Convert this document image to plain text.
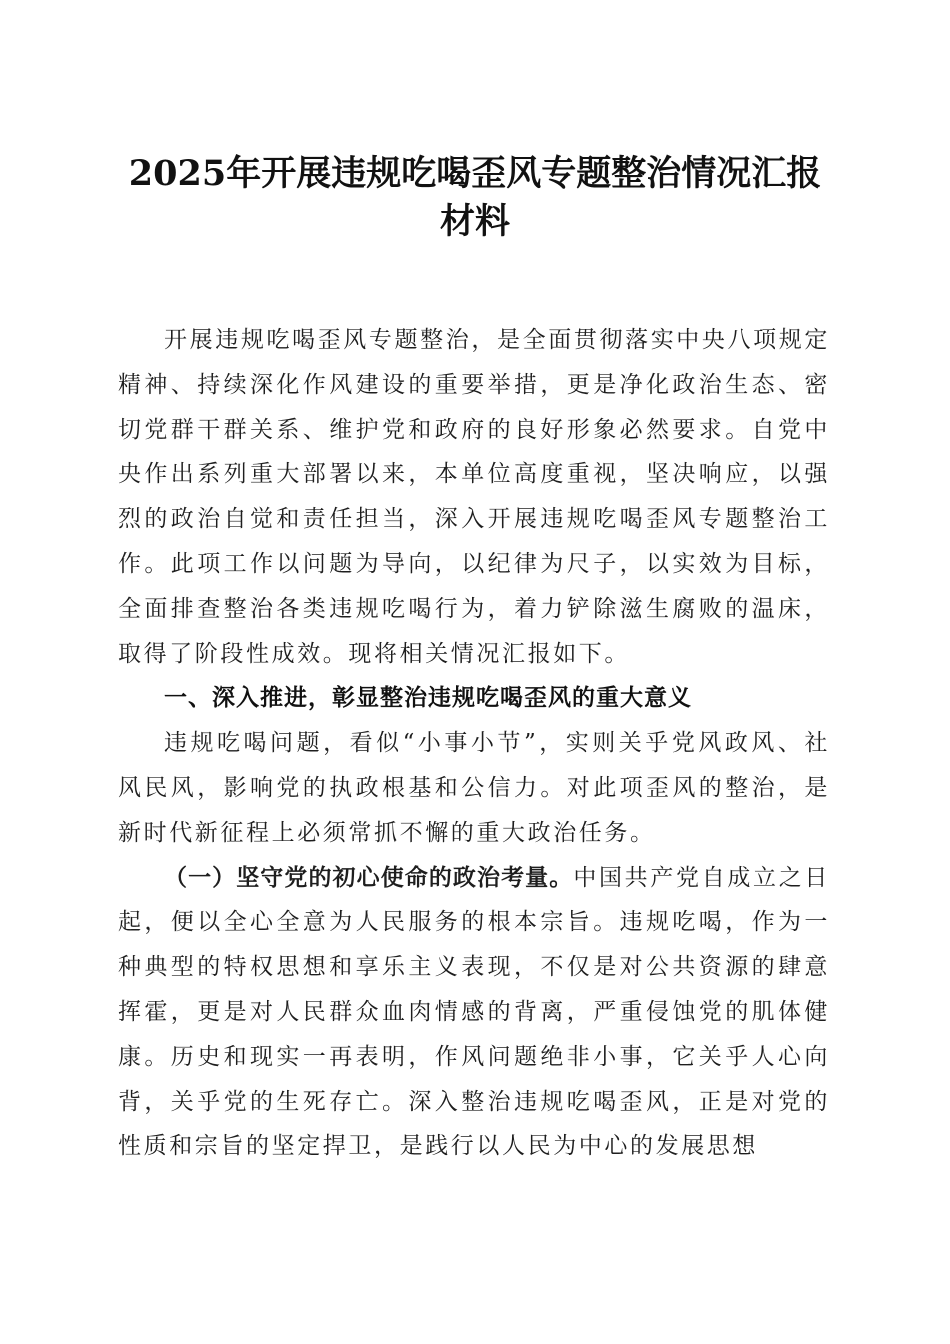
2025年开展违规吃喝歪风专题整治情况汇报
材料

开展违规吃喝歪风专题整治，是全面贯彻落实中央八项规定精神、持续深化作风建设的重要举措，更是净化政治生态、密切党群干群关系、维护党和政府的良好形象必然要求。自党中央作出系列重大部署以来，本单位高度重视，坚决响应，以强烈的政治自觉和责任担当，深入开展违规吃喝歪风专题整治工作。此项工作以问题为导向，以纪律为尺子，以实效为目标，全面排查整治各类违规吃喝行为，着力铲除滋生腐败的温床，取得了阶段性成效。现将相关情况汇报如下。

一、深入推进，彰显整治违规吃喝歪风的重大意义

违规吃喝问题，看似“小事小节”，实则关乎党风政风、社风民风，影响党的执政根基和公信力。对此项歪风的整治，是新时代新征程上必须常抓不懈的重大政治任务。

（一）坚守党的初心使命的政治考量。中国共产党自成立之日起，便以全心全意为人民服务的根本宗旨。违规吃喝，作为一种典型的特权思想和享乐主义表现，不仅是对公共资源的肆意挥霍，更是对人民群众血肉情感的背离，严重侵蚀党的肌体健康。历史和现实一再表明，作风问题绝非小事，它关乎人心向背，关乎党的生死存亡。深入整治违规吃喝歪风，正是对党的性质和宗旨的坚定捍卫，是践行以人民为中心的发展思想
